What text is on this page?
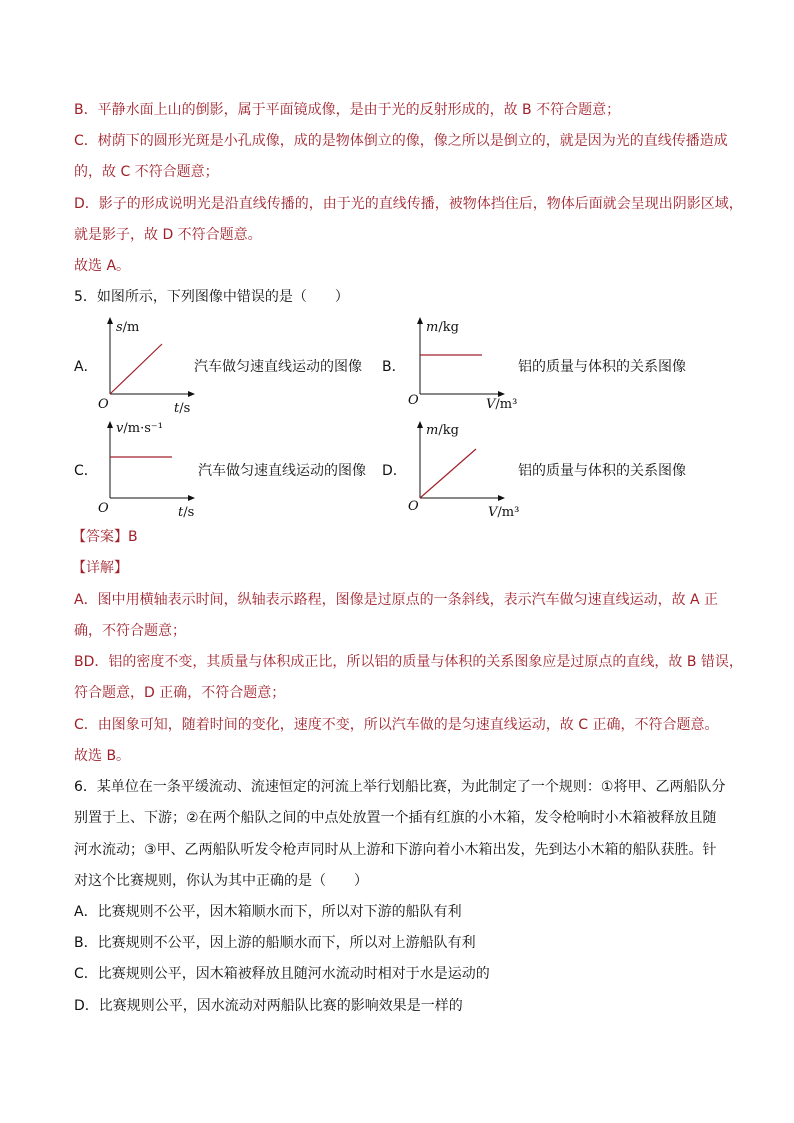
B．平静水面上山的倒影，属于平面镜成像，是由于光的反射形成的，故 B 不符合题意；
C．树荫下的圆形光斑是小孔成像，成的是物体倒立的像，像之所以是倒立的，就是因为光的直线传播造成
的，故 C 不符合题意；
D．影子的形成说明光是沿直线传播的，由于光的直线传播，被物体挡住后，物体后面就会呈现出阴影区域，
就是影子，故 D 不符合题意。
故选 A。
5．如图所示，下列图像中错误的是（　　）
A．
s/m
t/s
O
汽车做匀速直线运动的图像 B．
m/kg
V/m³
O
铝的质量与体积的关系图像
C．
v/m·s⁻¹
t/s
O
汽车做匀速直线运动的图像 D．
m/kg
V/m³
O
铝的质量与体积的关系图像
【答案】B
【详解】
A．图中用横轴表示时间，纵轴表示路程，图像是过原点的一条斜线，表示汽车做匀速直线运动，故 A 正
确，不符合题意；
BD．铝的密度不变，其质量与体积成正比，所以铝的质量与体积的关系图象应是过原点的直线，故 B 错误，
符合题意，D 正确，不符合题意；
C．由图象可知，随着时间的变化，速度不变，所以汽车做的是匀速直线运动，故 C 正确，不符合题意。
故选 B。
6．某单位在一条平缓流动、流速恒定的河流上举行划船比赛，为此制定了一个规则：①将甲、乙两船队分
别置于上、下游；②在两个船队之间的中点处放置一个插有红旗的小木箱，发令枪响时小木箱被释放且随
河水流动；③甲、乙两船队听发令枪声同时从上游和下游向着小木箱出发，先到达小木箱的船队获胜。针
对这个比赛规则，你认为其中正确的是（　　）
A．比赛规则不公平，因木箱顺水而下，所以对下游的船队有利
B．比赛规则不公平，因上游的船顺水而下，所以对上游船队有利
C．比赛规则公平，因木箱被释放且随河水流动时相对于水是运动的
D．比赛规则公平，因水流动对两船队比赛的影响效果是一样的
